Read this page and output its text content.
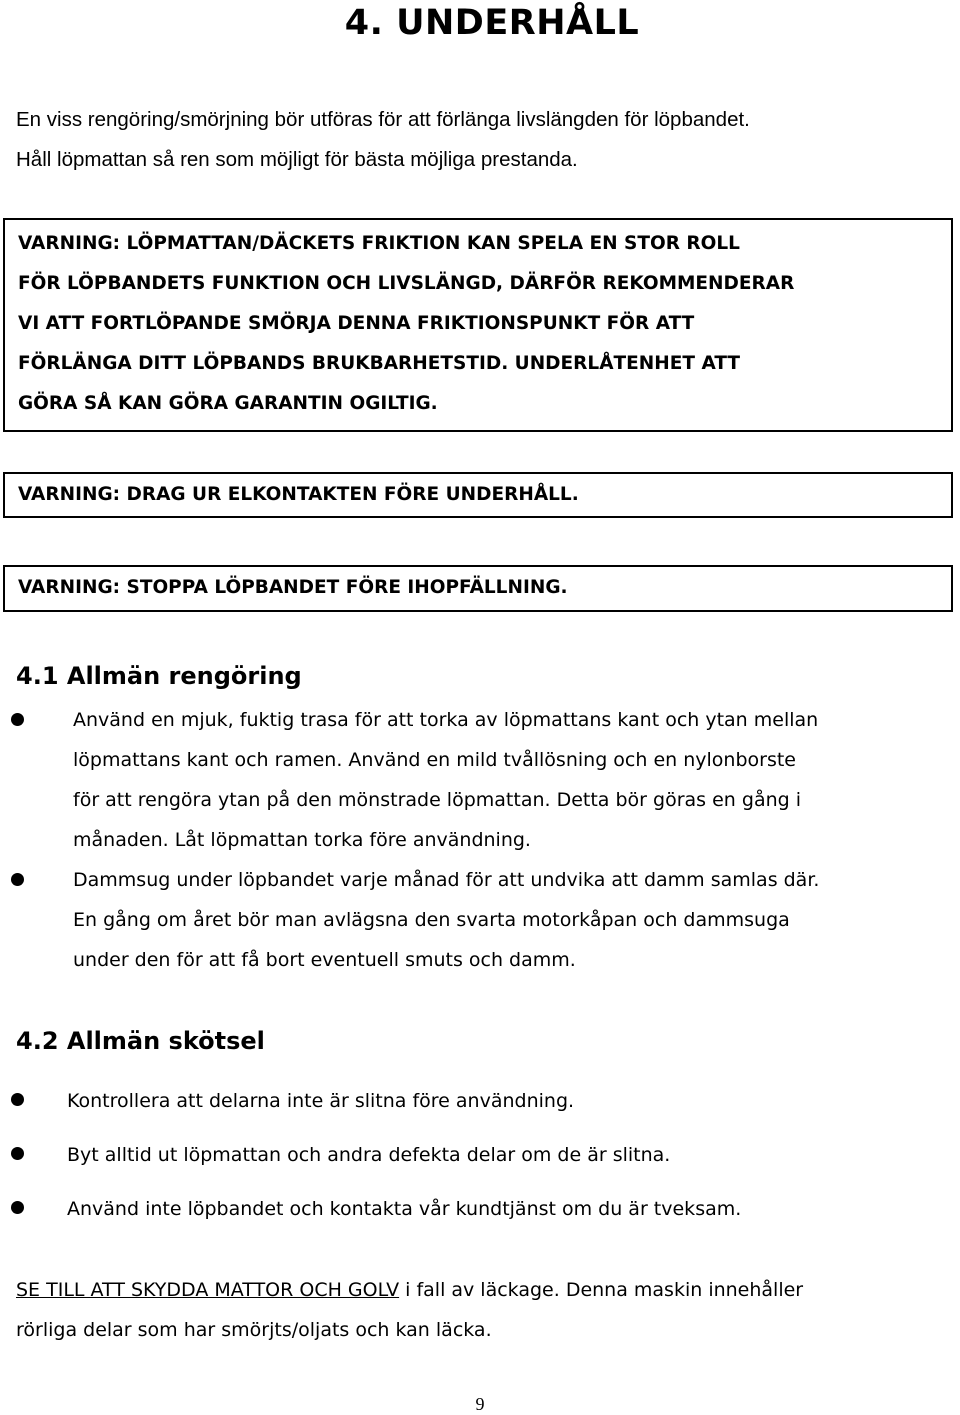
4. UNDERHÅLL

En viss rengöring/smörjning bör utföras för att förlänga livslängden för löpbandet.
Håll löpmattan så ren som möjligt för bästa möjliga prestanda.

VARNING: LÖPMATTAN/DÄCKETS FRIKTION KAN SPELA EN STOR ROLL
FÖR LÖPBANDETS FUNKTION OCH LIVSLÄNGD, DÄRFÖR REKOMMENDERAR
VI ATT FORTLÖPANDE SMÖRJA DENNA FRIKTIONSPUNKT FÖR ATT
FÖRLÄNGA DITT LÖPBANDS BRUKBARHETSTID. UNDERLÅTENHET ATT
GÖRA SÅ KAN GÖRA GARANTIN OGILTIG.
VARNING: DRAG UR ELKONTAKTEN FÖRE UNDERHÅLL.
VARNING: STOPPA LÖPBANDET FÖRE IHOPFÄLLNING.
4.1 Allmän rengöring
Använd en mjuk, fuktig trasa för att torka av löpmattans kant och ytan mellan
löpmattans kant och ramen. Använd en mild tvållösning och en nylonborste
för att rengöra ytan på den mönstrade löpmattan. Detta bör göras en gång i
månaden. Låt löpmattan torka före användning.
Dammsug under löpbandet varje månad för att undvika att damm samlas där.
En gång om året bör man avlägsna den svarta motorkåpan och dammsuga
under den för att få bort eventuell smuts och damm.
4.2 Allmän skötsel
Kontrollera att delarna inte är slitna före användning.
Byt alltid ut löpmattan och andra defekta delar om de är slitna.
Använd inte löpbandet och kontakta vår kundtjänst om du är tveksam.

SE TILL ATT SKYDDA MATTOR OCH GOLV i fall av läckage. Denna maskin innehåller
rörliga delar som har smörjts/oljats och kan läcka.

9
